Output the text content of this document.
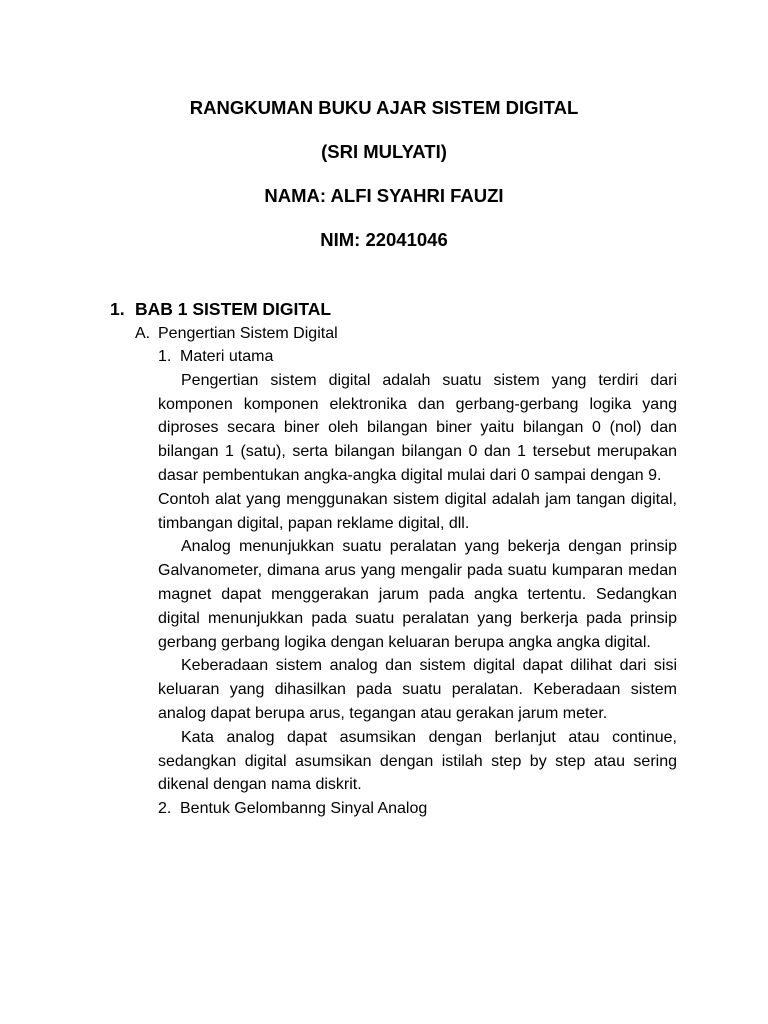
RANGKUMAN BUKU AJAR SISTEM DIGITAL

(SRI MULYATI)

NAMA: ALFI SYAHRI FAUZI

NIM: 22041046

1. BAB 1 SISTEM DIGITAL

A. Pengertian Sistem Digital

1. Materi utama

Pengertian sistem digital adalah suatu sistem yang terdiri dari komponen komponen elektronika dan gerbang-gerbang logika yang diproses secara biner oleh bilangan biner yaitu bilangan 0 (nol) dan bilangan 1 (satu), serta bilangan bilangan 0 dan 1 tersebut merupakan dasar pembentukan angka-angka digital mulai dari 0 sampai dengan 9.

Contoh alat yang menggunakan sistem digital adalah jam tangan digital, timbangan digital, papan reklame digital, dll.

Analog menunjukkan suatu peralatan yang bekerja dengan prinsip Galvanometer, dimana arus yang mengalir pada suatu kumparan medan magnet dapat menggerakan jarum pada angka tertentu. Sedangkan digital menunjukkan pada suatu peralatan yang berkerja pada prinsip gerbang gerbang logika dengan keluaran berupa angka angka digital.

Keberadaan sistem analog dan sistem digital dapat dilihat dari sisi keluaran yang dihasilkan pada suatu peralatan. Keberadaan sistem analog dapat berupa arus, tegangan atau gerakan jarum meter.

Kata analog dapat asumsikan dengan berlanjut atau continue, sedangkan digital asumsikan dengan istilah step by step atau sering dikenal dengan nama diskrit.

2. Bentuk Gelombanng Sinyal Analog
